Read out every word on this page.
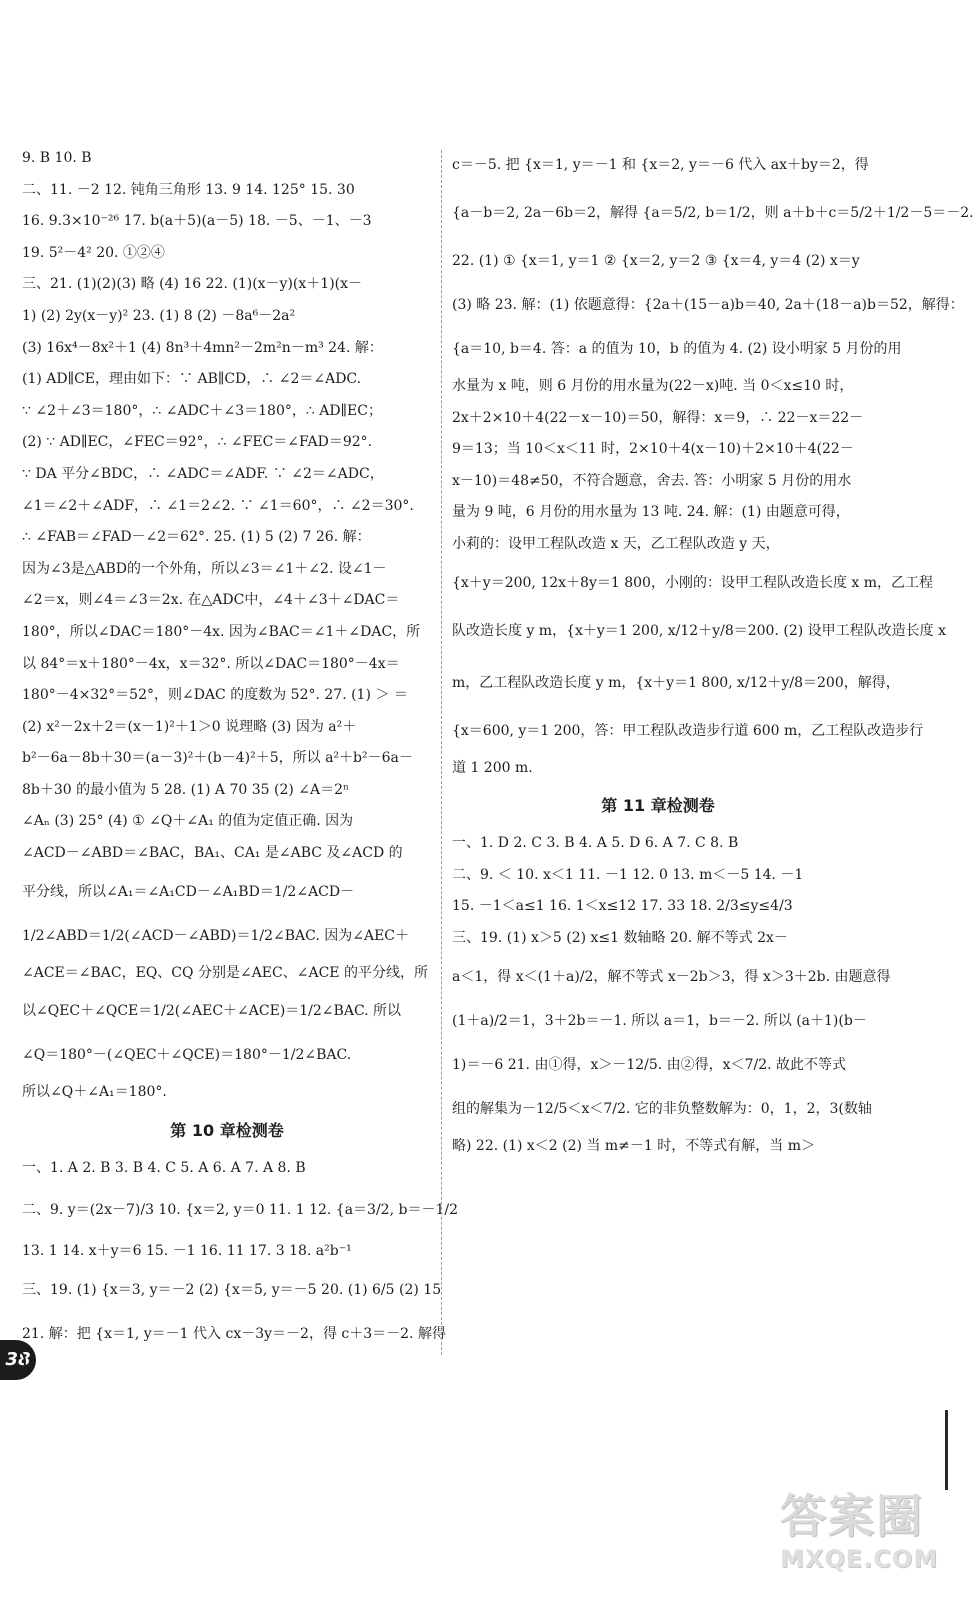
9. B 10. B
二、11. －2 12. 钝角三角形 13. 9 14. 125° 15. 30
16. 9.3×10⁻²⁶ 17. b(a＋5)(a－5) 18. －5、－1、－3
19. 5²－4² 20. ①②④
三、21. (1)(2)(3) 略 (4) 16 22. (1)(x－y)(x＋1)(x－
1) (2) 2y(x－y)² 23. (1) 8 (2) －8a⁶－2a²
(3) 16x⁴－8x²＋1 (4) 8n³＋4mn²－2m²n－m³ 24. 解：
(1) AD∥CE，理由如下：∵ AB∥CD，∴ ∠2＝∠ADC.
∵ ∠2＋∠3＝180°，∴ ∠ADC＋∠3＝180°，∴ AD∥EC；
(2) ∵ AD∥EC，∠FEC＝92°，∴ ∠FEC＝∠FAD＝92°.
∵ DA 平分∠BDC，∴ ∠ADC＝∠ADF. ∵ ∠2＝∠ADC，
∠1＝∠2＋∠ADF，∴ ∠1＝2∠2. ∵ ∠1＝60°，∴ ∠2＝30°.
∴ ∠FAB＝∠FAD－∠2＝62°. 25. (1) 5 (2) 7 26. 解：
因为∠3是△ABD的一个外角，所以∠3＝∠1＋∠2. 设∠1－
∠2＝x，则∠4＝∠3＝2x. 在△ADC中，∠4＋∠3＋∠DAC＝
180°，所以∠DAC＝180°－4x. 因为∠BAC＝∠1＋∠DAC，所
以 84°＝x＋180°－4x，x＝32°. 所以∠DAC＝180°－4x＝
180°－4×32°＝52°，则∠DAC 的度数为 52°. 27. (1) ＞ ＝
(2) x²－2x＋2＝(x－1)²＋1＞0 说理略 (3) 因为 a²＋
b²－6a－8b＋30＝(a－3)²＋(b－4)²＋5，所以 a²＋b²－6a－
8b＋30 的最小值为 5 28. (1) A 70 35 (2) ∠A＝2ⁿ
∠Aₙ (3) 25° (4) ① ∠Q＋∠A₁ 的值为定值正确. 因为
∠ACD－∠ABD＝∠BAC，BA₁、CA₁ 是∠ABC 及∠ACD 的
平分线，所以∠A₁＝∠A₁CD－∠A₁BD＝1/2∠ACD－
1/2∠ABD＝1/2(∠ACD－∠ABD)＝1/2∠BAC. 因为∠AEC＋
∠ACE＝∠BAC，EQ、CQ 分别是∠AEC、∠ACE 的平分线，所
以∠QEC＋∠QCE＝1/2(∠AEC＋∠ACE)＝1/2∠BAC. 所以
∠Q＝180°－(∠QEC＋∠QCE)＝180°－1/2∠BAC.
所以∠Q＋∠A₁＝180°.
第 10 章检测卷
一、1. A 2. B 3. B 4. C 5. A 6. A 7. A 8. B
二、9. y＝(2x－7)/3 10. {x＝2, y＝0 11. 1 12. {a＝3/2, b＝－1/2
13. 1 14. x＋y＝6 15. －1 16. 11 17. 3 18. a²b⁻¹
三、19. (1) {x＝3, y＝－2 (2) {x＝5, y＝－5 20. (1) 6/5 (2) 15
21. 解：把 {x＝1, y＝－1 代入 cx－3y＝－2，得 c＋3＝－2. 解得
c＝－5. 把 {x＝1, y＝－1 和 {x＝2, y＝－6 代入 ax＋by＝2，得
{a－b＝2, 2a－6b＝2，解得 {a＝5/2, b＝1/2，则 a＋b＋c＝5/2＋1/2－5＝－2.
22. (1) ① {x＝1, y＝1 ② {x＝2, y＝2 ③ {x＝4, y＝4 (2) x＝y
(3) 略 23. 解：(1) 依题意得：{2a＋(15－a)b＝40, 2a＋(18－a)b＝52，解得：
{a＝10, b＝4. 答：a 的值为 10，b 的值为 4. (2) 设小明家 5 月份的用
水量为 x 吨，则 6 月份的用水量为(22－x)吨. 当 0＜x≤10 时，
2x＋2×10＋4(22－x－10)＝50，解得：x＝9，∴ 22－x＝22－
9＝13；当 10＜x＜11 时，2×10＋4(x－10)＋2×10＋4(22－
x－10)＝48≠50，不符合题意，舍去. 答：小明家 5 月份的用水
量为 9 吨，6 月份的用水量为 13 吨. 24. 解：(1) 由题意可得，
小莉的：设甲工程队改造 x 天，乙工程队改造 y 天，
{x＋y＝200, 12x＋8y＝1 800，小刚的：设甲工程队改造长度 x m，乙工程
队改造长度 y m，{x＋y＝1 200, x/12＋y/8＝200. (2) 设甲工程队改造长度 x
m，乙工程队改造长度 y m，{x＋y＝1 800, x/12＋y/8＝200，解得，
{x＝600, y＝1 200，答：甲工程队改造步行道 600 m，乙工程队改造步行
道 1 200 m.
第 11 章检测卷
一、1. D 2. C 3. B 4. A 5. D 6. A 7. C 8. B
二、9. ＜ 10. x＜1 11. －1 12. 0 13. m＜－5 14. －1
15. －1＜a≤1 16. 1＜x≤12 17. 33 18. 2/3≤y≤4/3
三、19. (1) x＞5 (2) x≤1 数轴略 20. 解不等式 2x－
a＜1，得 x＜(1＋a)/2，解不等式 x－2b＞3，得 x＞3＋2b. 由题意得
(1＋a)/2＝1，3＋2b＝－1. 所以 a＝1，b＝－2. 所以 (a＋1)(b－
1)＝－6 21. 由①得，x＞－12/5. 由②得，x＜7/2. 故此不等式
组的解集为－12/5＜x＜7/2. 它的非负整数解为：0，1，2，3(数轴
略) 22. (1) x＜2 (2) 当 m≠－1 时，不等式有解，当 m＞
38
答案圈
MXQE.COM
